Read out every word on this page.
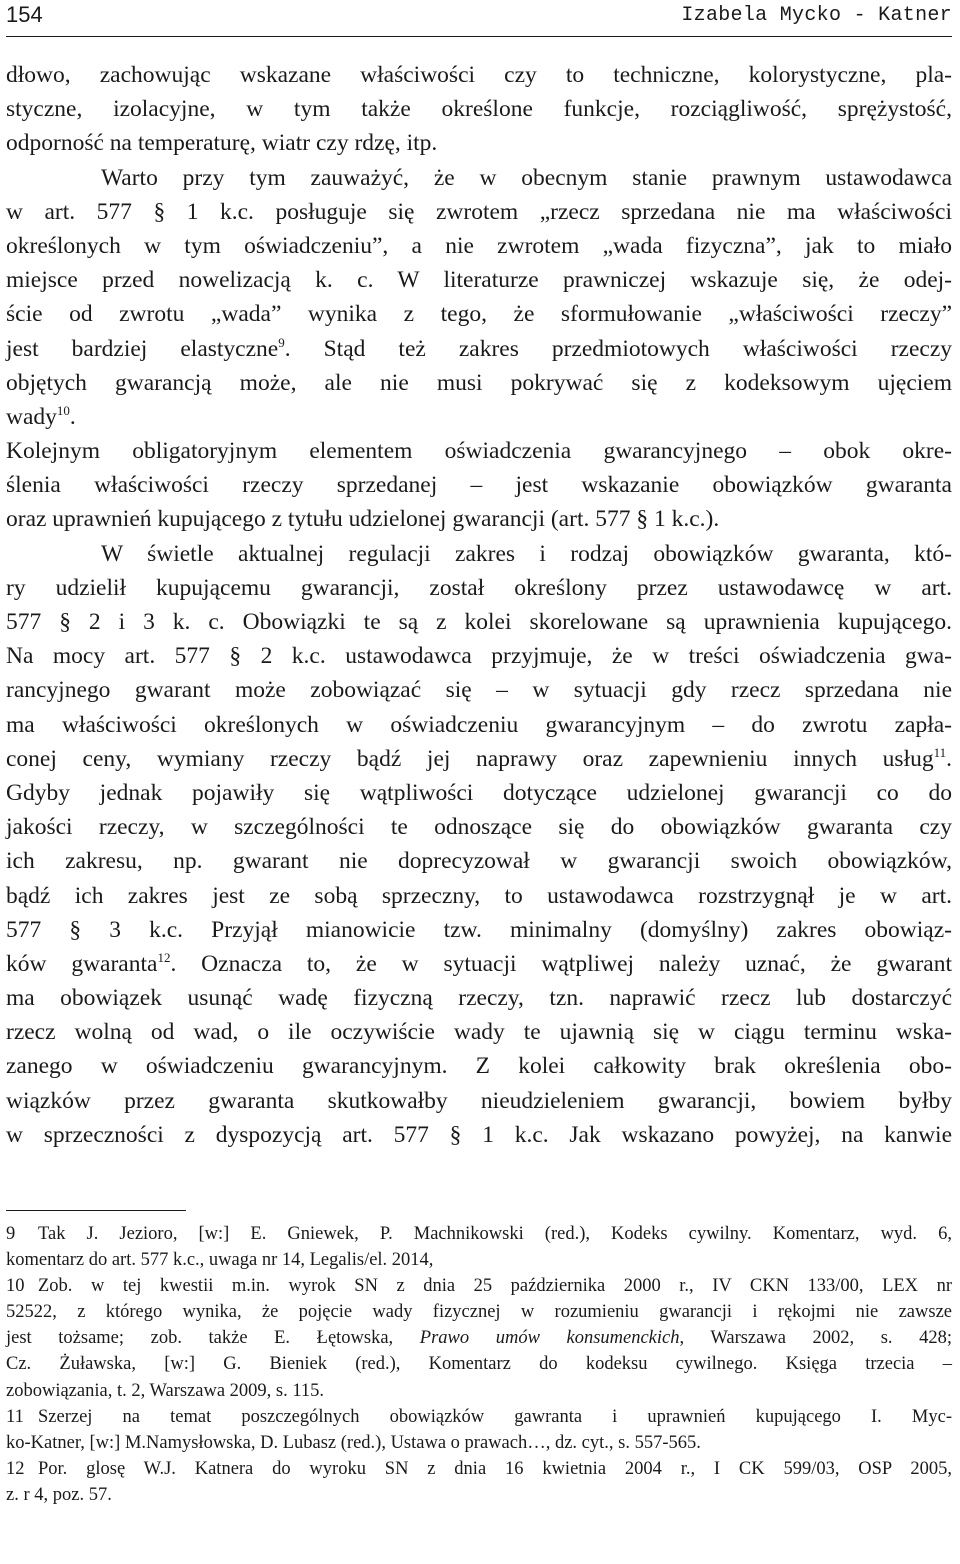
154	Izabela Mycko - Katner
dłowo, zachowując wskazane właściwości czy to techniczne, kolorystyczne, pla-
styczne, izolacyjne, w tym także określone funkcje, rozciągliwość, sprężystość,
odporność na temperaturę, wiatr czy rdzę, itp.
Warto przy tym zauważyć, że w obecnym stanie prawnym ustawodawca
w art. 577 § 1 k.c. posługuje się zwrotem „rzecz sprzedana nie ma właściwości
określonych w tym oświadczeniu”, a nie zwrotem „wada fizyczna”, jak to miało
miejsce przed nowelizacją k. c. W literaturze prawniczej wskazuje się, że odej-
ście od zwrotu „wada” wynika z tego, że sformułowanie „właściwości rzeczy”
jest bardziej elastyczne$^9$. Stąd też zakres przedmiotowych właściwości rzeczy
objętych gwarancją może, ale nie musi pokrywać się z kodeksowym ujęciem
wady$^{10}$.
Kolejnym obligatoryjnym elementem oświadczenia gwarancyjnego – obok okre-
ślenia właściwości rzeczy sprzedanej – jest wskazanie obowiązków gwaranta
oraz uprawnień kupującego z tytułu udzielonej gwarancji (art. 577 § 1 k.c.).
W świetle aktualnej regulacji zakres i rodzaj obowiązków gwaranta, któ-
ry udzielił kupującemu gwarancji, został określony przez ustawodawcę w art.
577 § 2 i 3 k. c. Obowiązki te są z kolei skorelowane są uprawnienia kupującego.
Na mocy art. 577 § 2 k.c. ustawodawca przyjmuje, że w treści oświadczenia gwa-
rancyjnego gwarant może zobowiązać się – w sytuacji gdy rzecz sprzedana nie
ma właściwości określonych w oświadczeniu gwarancyjnym – do zwrotu zapła-
conej ceny, wymiany rzeczy bądź jej naprawy oraz zapewnieniu innych usług$^{11}$.
Gdyby jednak pojawiły się wątpliwości dotyczące udzielonej gwarancji co do
jakości rzeczy, w szczególności te odnoszące się do obowiązków gwaranta czy
ich zakresu, np. gwarant nie doprecyzował w gwarancji swoich obowiązków,
bądź ich zakres jest ze sobą sprzeczny, to ustawodawca rozstrzygnął je w art.
577 § 3 k.c. Przyjął mianowicie tzw. minimalny (domyślny) zakres obowiąz-
ków gwaranta$^{12}$. Oznacza to, że w sytuacji wątpliwej należy uznać, że gwarant
ma obowiązek usunąć wadę fizyczną rzeczy, tzn. naprawić rzecz lub dostarczyć
rzecz wolną od wad, o ile oczywiście wady te ujawnią się w ciągu terminu wska-
zanego w oświadczeniu gwarancyjnym. Z kolei całkowity brak określenia obo-
wiązków przez gwaranta skutkowałby nieudzieleniem gwarancji, bowiem byłby
w sprzeczności z dyspozycją art. 577 § 1 k.c. Jak wskazano powyżej, na kanwie
9 Tak J. Jezioro, [w:] E. Gniewek, P. Machnikowski (red.), Kodeks cywilny. Komentarz, wyd. 6,
komentarz do art. 577 k.c., uwaga nr 14, Legalis/el. 2014,
10 Zob. w tej kwestii m.in. wyrok SN z dnia 25 października 2000 r., IV CKN 133/00, LEX nr
52522, z którego wynika, że pojęcie wady fizycznej w rozumieniu gwarancji i rękojmi nie zawsze
jest tożsame; zob. także E. Łętowska, Prawo umów konsumenckich, Warszawa 2002, s. 428;
Cz. Żuławska, [w:] G. Bieniek (red.), Komentarz do kodeksu cywilnego. Księga trzecia –
zobowiązania, t. 2, Warszawa 2009, s. 115.
11 Szerzej na temat poszczególnych obowiązków gawranta i uprawnień kupującego I. Myc-
ko-Katner, [w:] M.Namysłowska, D. Lubasz (red.), Ustawa o prawach…, dz. cyt., s. 557-565.
12 Por. glosę W.J. Katnera do wyroku SN z dnia 16 kwietnia 2004 r., I CK 599/03, OSP 2005,
z. r 4, poz. 57.
